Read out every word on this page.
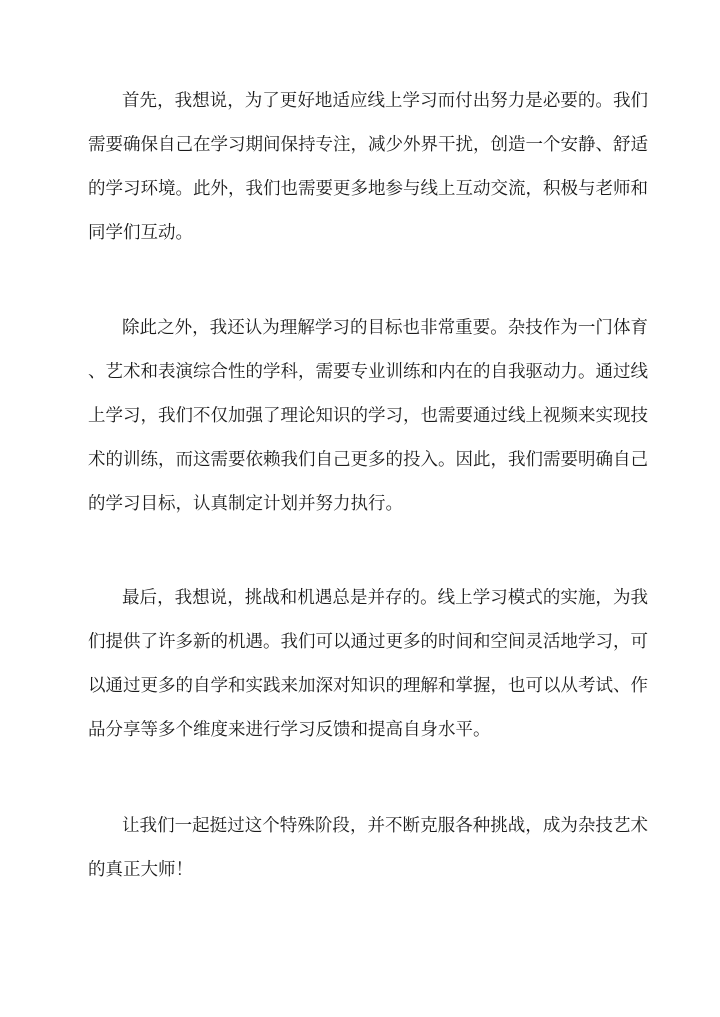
首先，我想说，为了更好地适应线上学习而付出努力是必要的。我们
需要确保自己在学习期间保持专注，减少外界干扰，创造一个安静、舒适
的学习环境。此外，我们也需要更多地参与线上互动交流，积极与老师和
同学们互动。
除此之外，我还认为理解学习的目标也非常重要。杂技作为一门体育
、艺术和表演综合性的学科，需要专业训练和内在的自我驱动力。通过线
上学习，我们不仅加强了理论知识的学习，也需要通过线上视频来实现技
术的训练，而这需要依赖我们自己更多的投入。因此，我们需要明确自己
的学习目标，认真制定计划并努力执行。
最后，我想说，挑战和机遇总是并存的。线上学习模式的实施，为我
们提供了许多新的机遇。我们可以通过更多的时间和空间灵活地学习，可
以通过更多的自学和实践来加深对知识的理解和掌握，也可以从考试、作
品分享等多个维度来进行学习反馈和提高自身水平。
让我们一起挺过这个特殊阶段，并不断克服各种挑战，成为杂技艺术
的真正大师！
